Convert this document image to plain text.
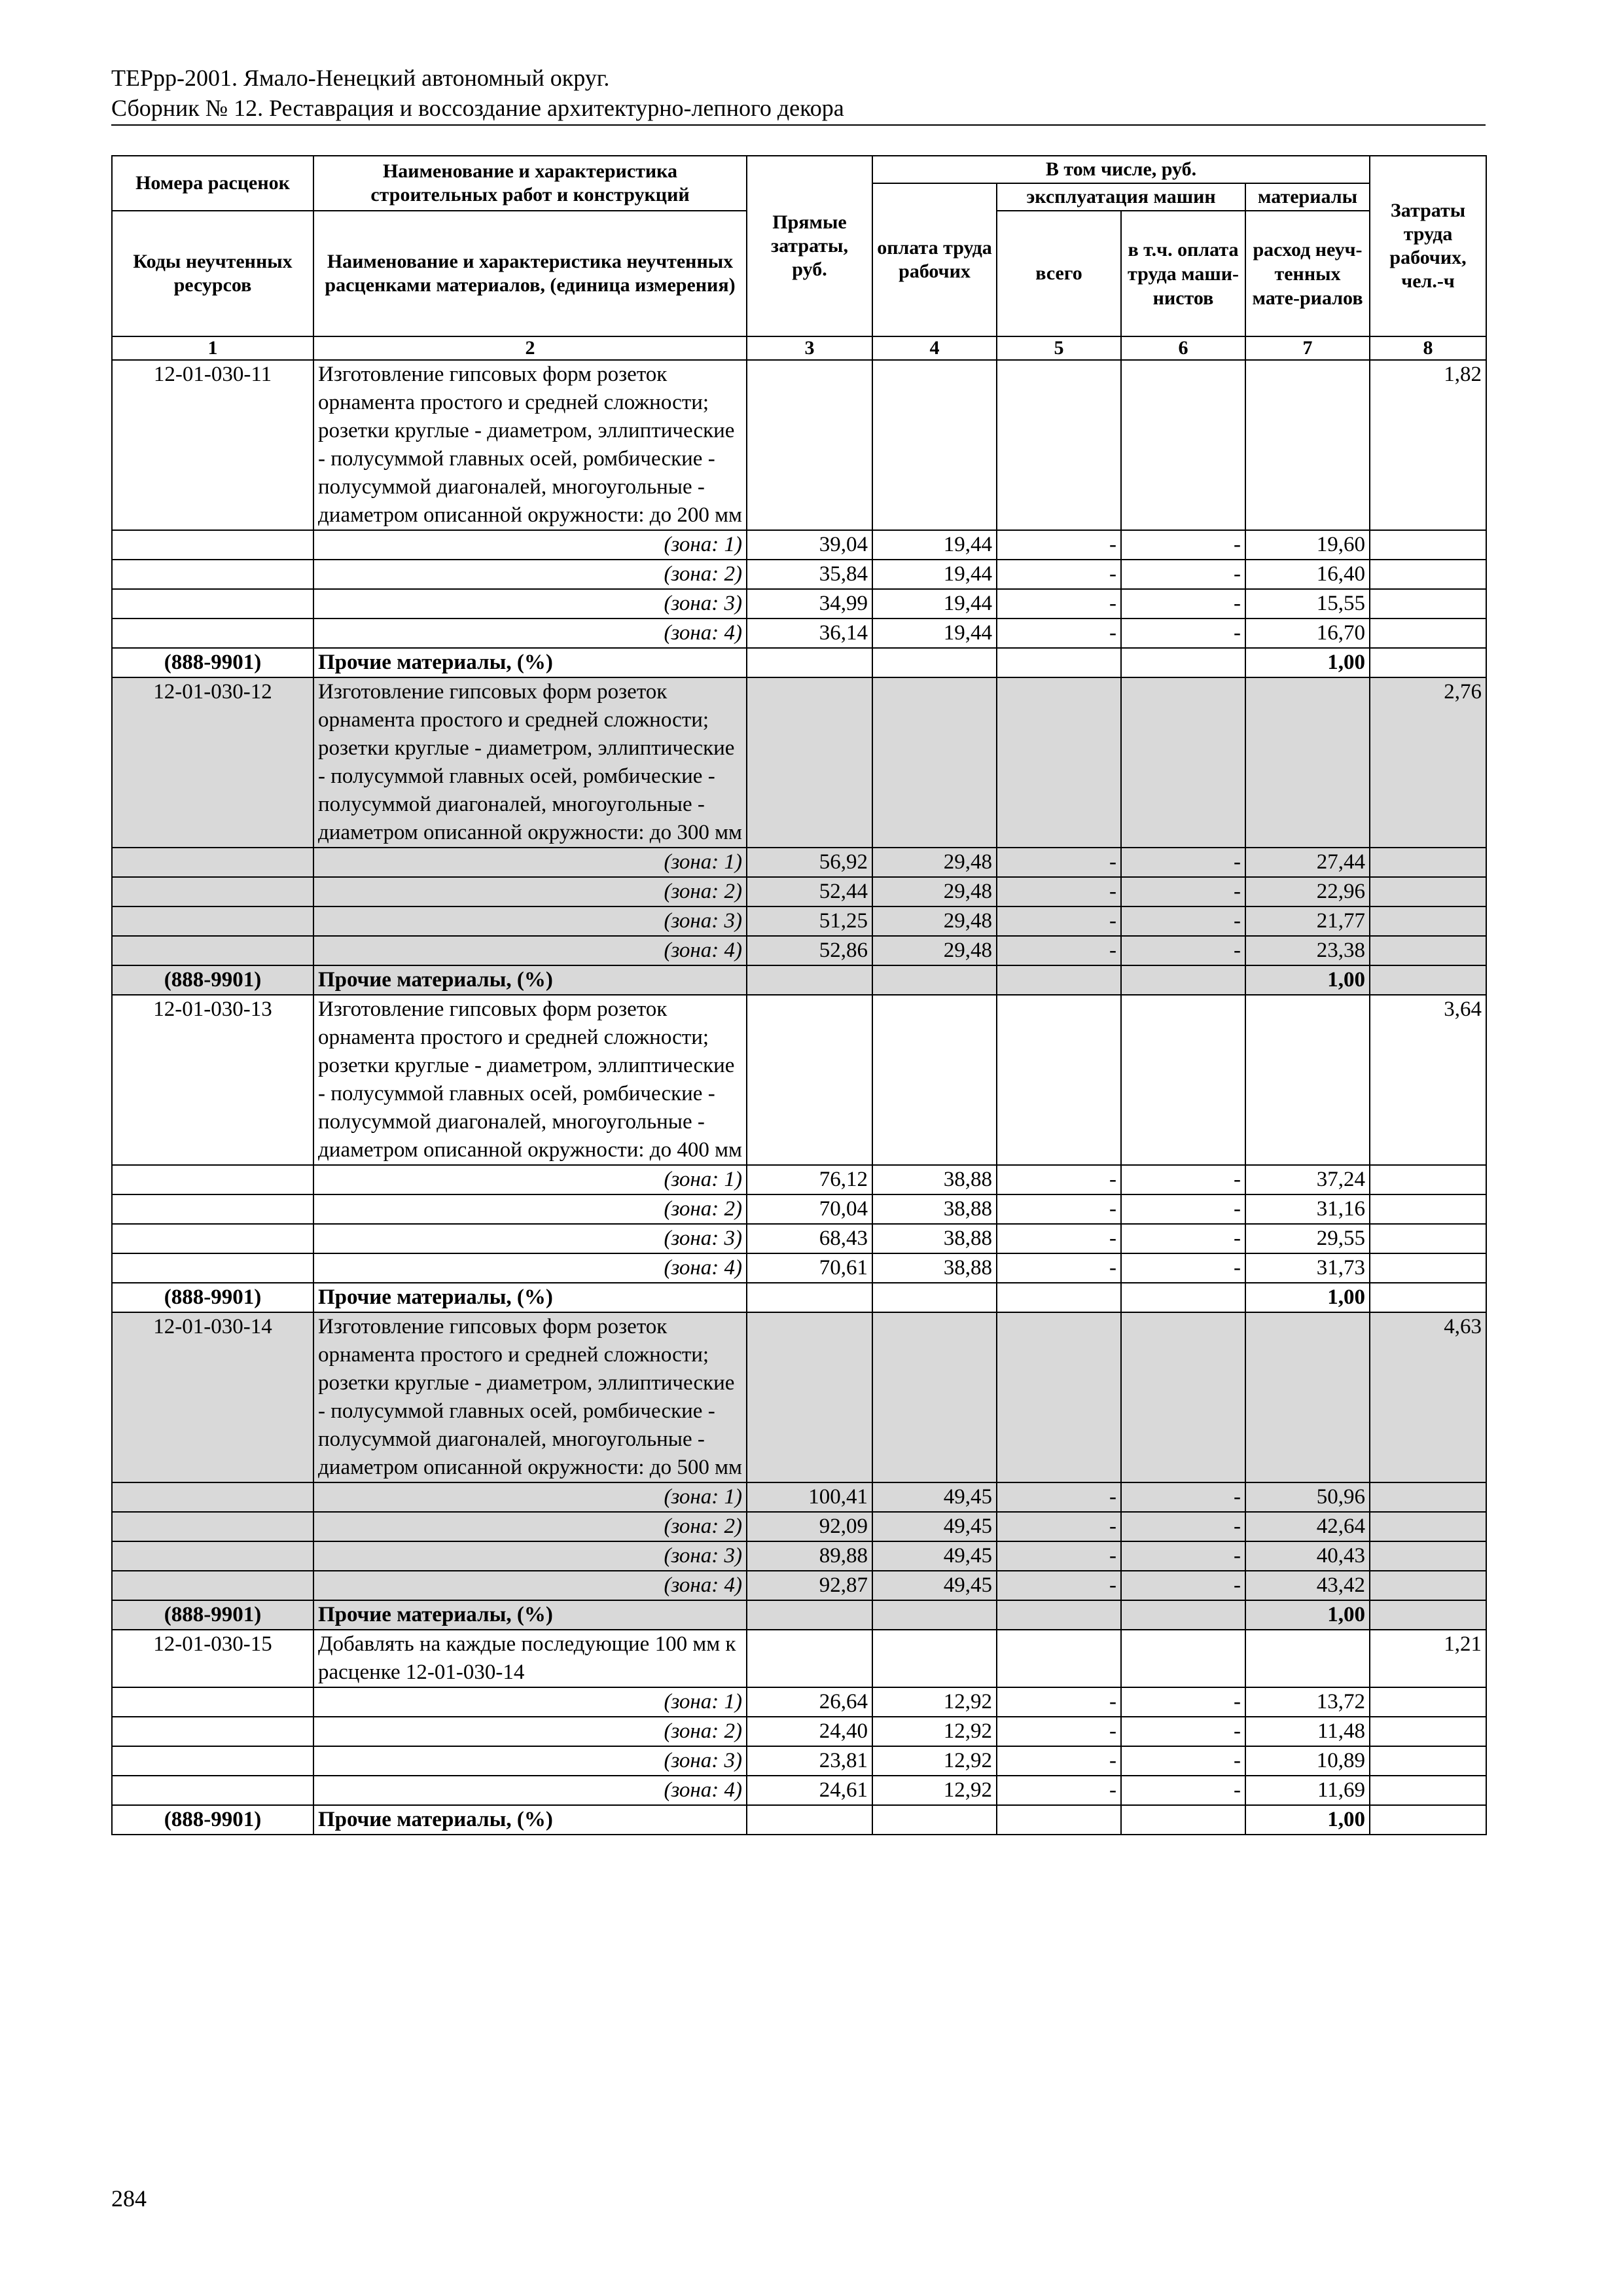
ТЕРрр-2001. Ямало-Ненецкий автономный округ.
Сборник № 12. Реставрация и воссоздание архитектурно-лепного декора
Номера расценок	Наименование и характеристика строительных работ и конструкций	Прямые затраты, руб.	В том числе, руб.				Затраты труда рабочих, чел.-ч
			оплата труда рабочих	эксплуатация машин		материалы	
Коды неучтенных ресурсов	Наименование и характеристика неучтенных расценками материалов, (единица измерения)			всего	в т.ч. оплата труда маши-нистов	расход неуч-тенных мате-риалов	

1	2	3	4	5	6	7	8
12-01-030-11	Изготовление гипсовых форм розеток орнамента простого и средней сложности; розетки круглые - диаметром, эллиптические - полусуммой главных осей, ромбические - полусуммой диагоналей, многоугольные - диаметром описанной окружности: до 200 мм						1,82
	(зона: 1)	39,04	19,44	-	-	19,60	
	(зона: 2)	35,84	19,44	-	-	16,40	
	(зона: 3)	34,99	19,44	-	-	15,55	
	(зона: 4)	36,14	19,44	-	-	16,70	
(888-9901)	Прочие материалы, (%)					1,00	
12-01-030-12	Изготовление гипсовых форм розеток орнамента простого и средней сложности; розетки круглые - диаметром, эллиптические - полусуммой главных осей, ромбические - полусуммой диагоналей, многоугольные - диаметром описанной окружности: до 300 мм						2,76
	(зона: 1)	56,92	29,48	-	-	27,44	
	(зона: 2)	52,44	29,48	-	-	22,96	
	(зона: 3)	51,25	29,48	-	-	21,77	
	(зона: 4)	52,86	29,48	-	-	23,38	
(888-9901)	Прочие материалы, (%)					1,00	
12-01-030-13	Изготовление гипсовых форм розеток орнамента простого и средней сложности; розетки круглые - диаметром, эллиптические - полусуммой главных осей, ромбические - полусуммой диагоналей, многоугольные - диаметром описанной окружности: до 400 мм						3,64
	(зона: 1)	76,12	38,88	-	-	37,24	
	(зона: 2)	70,04	38,88	-	-	31,16	
	(зона: 3)	68,43	38,88	-	-	29,55	
	(зона: 4)	70,61	38,88	-	-	31,73	
(888-9901)	Прочие материалы, (%)					1,00	
12-01-030-14	Изготовление гипсовых форм розеток орнамента простого и средней сложности; розетки круглые - диаметром, эллиптические - полусуммой главных осей, ромбические - полусуммой диагоналей, многоугольные - диаметром описанной окружности: до 500 мм						4,63
	(зона: 1)	100,41	49,45	-	-	50,96	
	(зона: 2)	92,09	49,45	-	-	42,64	
	(зона: 3)	89,88	49,45	-	-	40,43	
	(зона: 4)	92,87	49,45	-	-	43,42	
(888-9901)	Прочие материалы, (%)					1,00	
12-01-030-15	Добавлять на каждые последующие 100 мм к расценке 12-01-030-14						1,21
	(зона: 1)	26,64	12,92	-	-	13,72	
	(зона: 2)	24,40	12,92	-	-	11,48	
	(зона: 3)	23,81	12,92	-	-	10,89	
	(зона: 4)	24,61	12,92	-	-	11,69	
(888-9901)	Прочие материалы, (%)					1,00	
284
